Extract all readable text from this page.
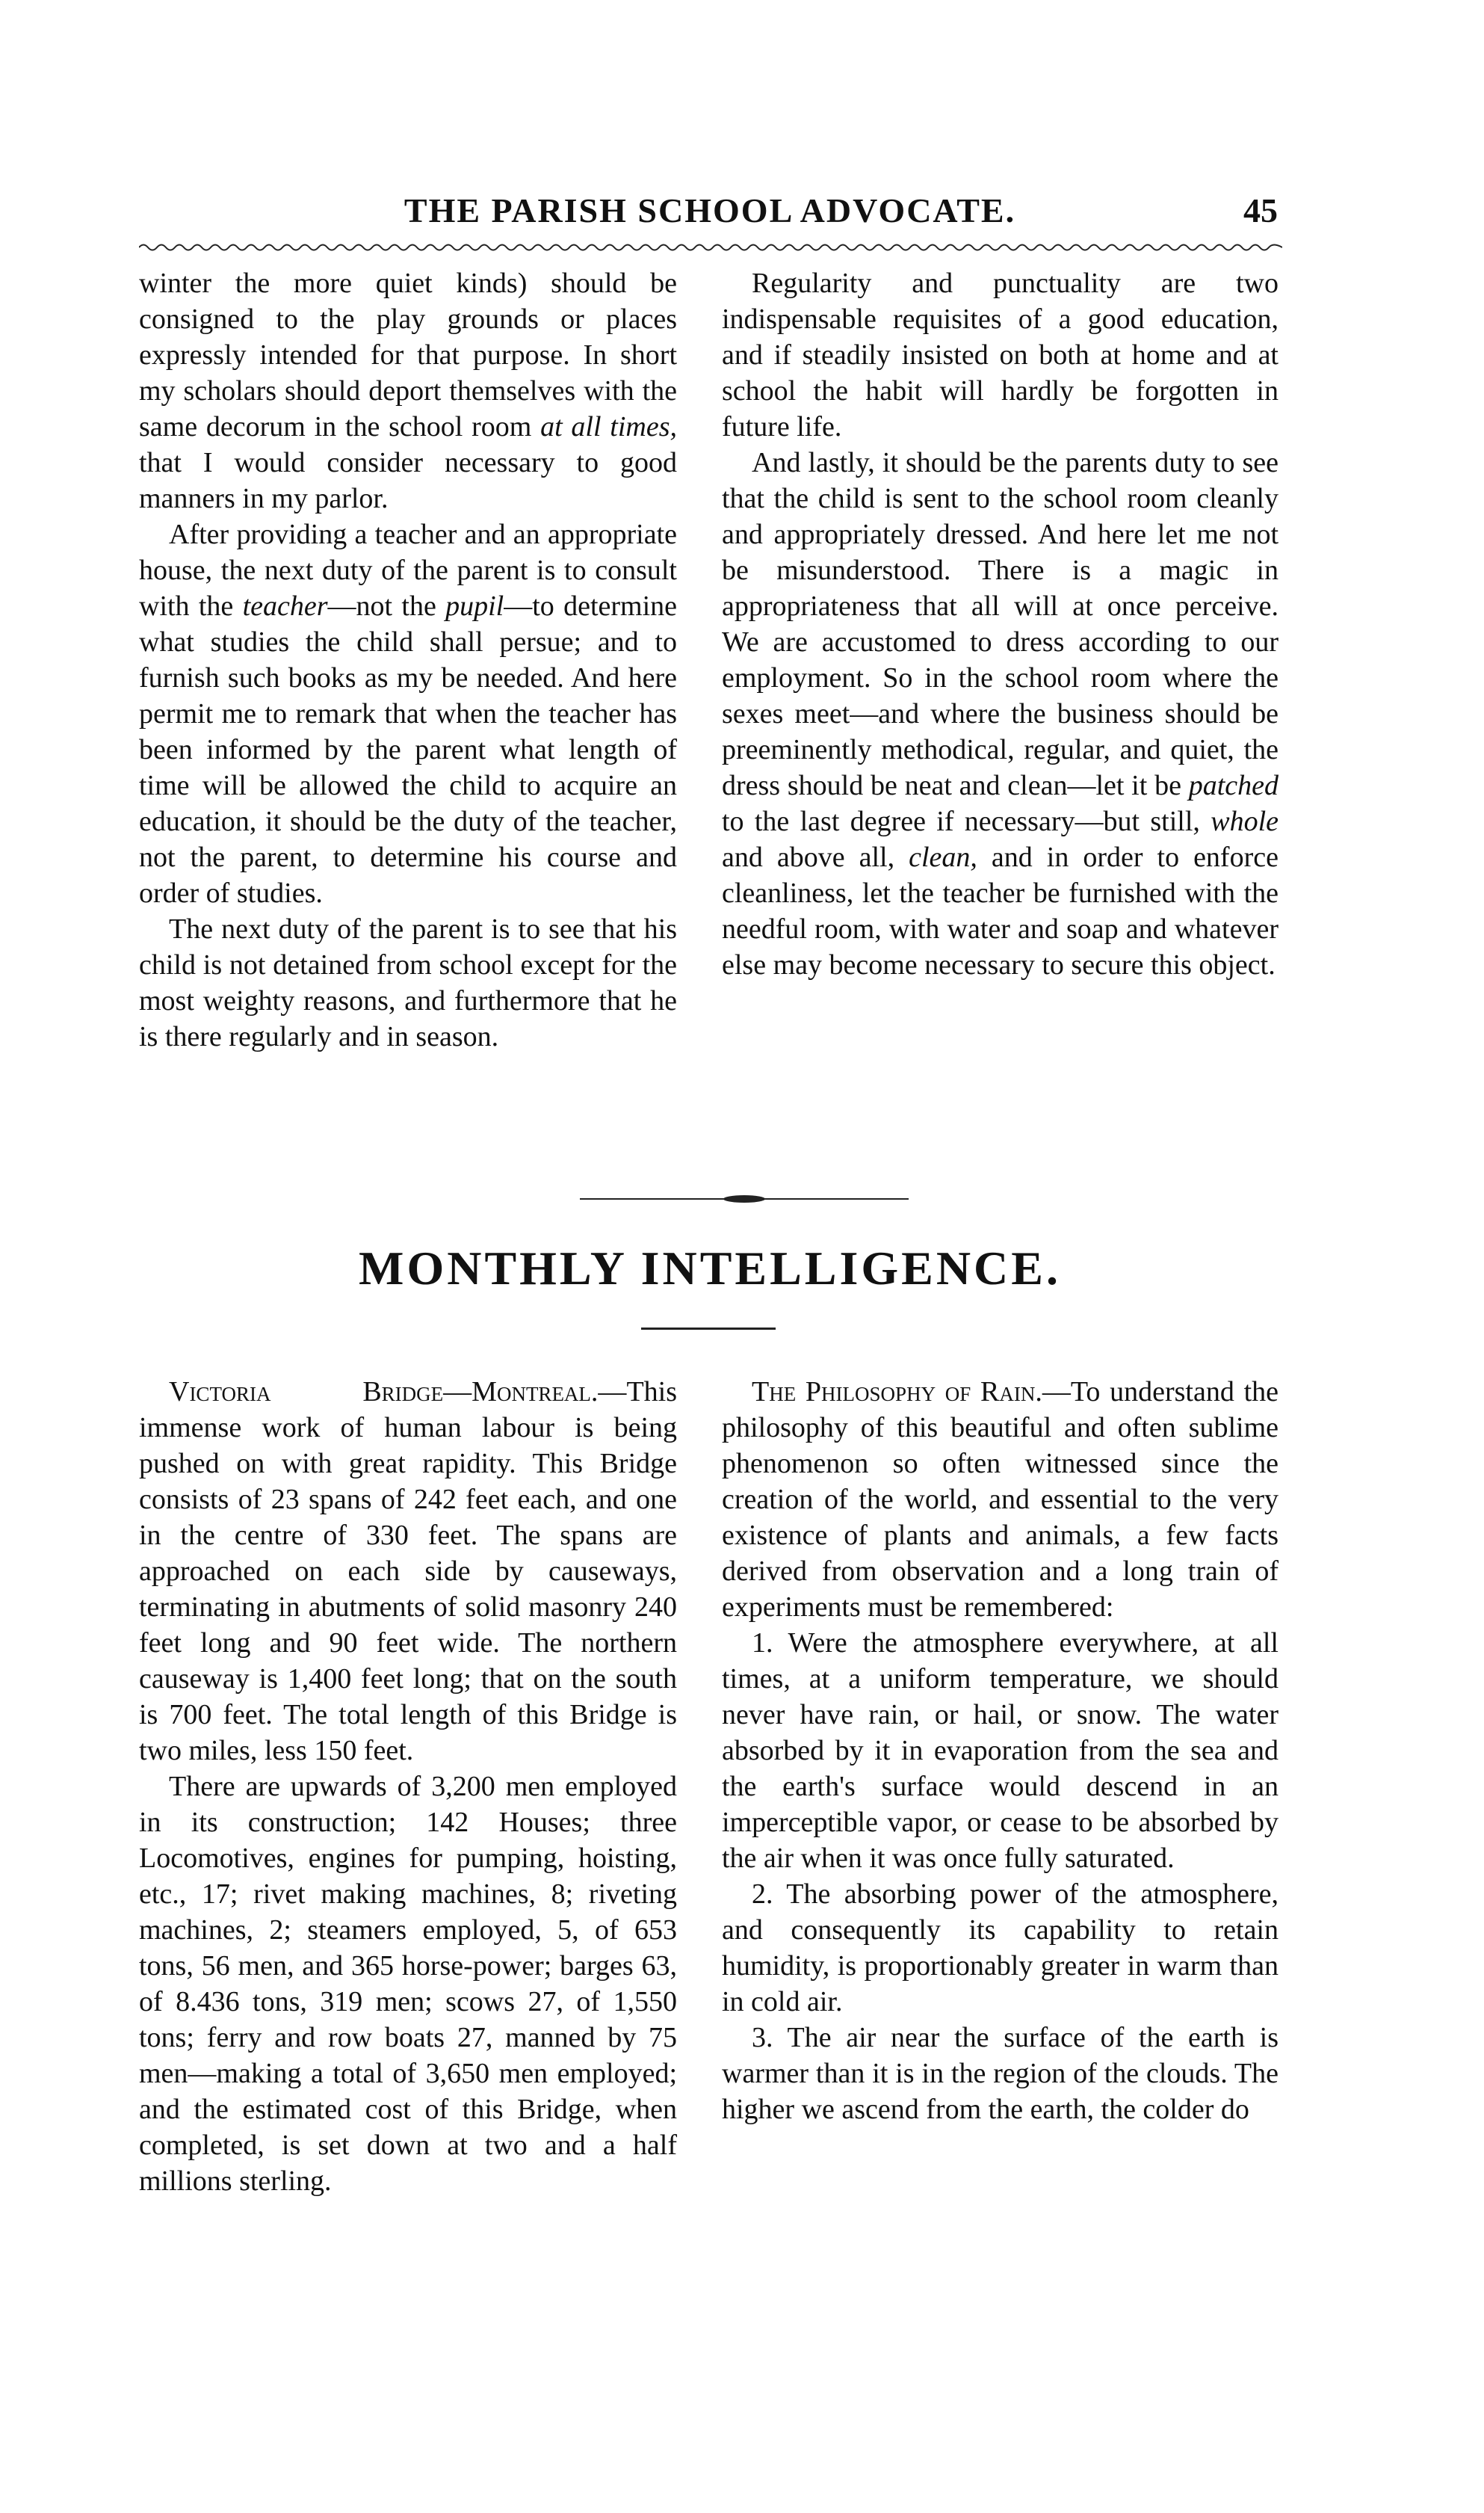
THE PARISH SCHOOL ADVOCATE.	45

winter the more quiet kinds) should be consigned to the play grounds or places expressly intended for that purpose. In short my scholars should deport themselves with the same decorum in the school room at all times, that I would consider necessary to good manners in my parlor.

After providing a teacher and an appropriate house, the next duty of the parent is to consult with the teacher—not the pupil—to determine what studies the child shall persue; and to furnish such books as my be needed. And here permit me to remark that when the teacher has been informed by the parent what length of time will be allowed the child to acquire an education, it should be the duty of the teacher, not the parent, to determine his course and order of studies.

The next duty of the parent is to see that his child is not detained from school except for the most weighty reasons, and furthermore that he is there regularly and in season.

Regularity and punctuality are two indispensable requisites of a good education, and if steadily insisted on both at home and at school the habit will hardly be forgotten in future life.

And lastly, it should be the parents duty to see that the child is sent to the school room cleanly and appropriately dressed. And here let me not be misunderstood. There is a magic in appropriateness that all will at once perceive. We are accustomed to dress according to our employment. So in the school room where the sexes meet—and where the business should be preeminently methodical, regular, and quiet, the dress should be neat and clean—let it be patched to the last degree if necessary—but still, whole and above all, clean, and in order to enforce cleanliness, let the teacher be furnished with the needful room, with water and soap and whatever else may become necessary to secure this object.

MONTHLY INTELLIGENCE.

Victoria Bridge—Montreal.—This immense work of human labour is being pushed on with great rapidity. This Bridge consists of 23 spans of 242 feet each, and one in the centre of 330 feet. The spans are approached on each side by causeways, terminating in abutments of solid masonry 240 feet long and 90 feet wide. The northern causeway is 1,400 feet long; that on the south is 700 feet. The total length of this Bridge is two miles, less 150 feet.

There are upwards of 3,200 men employed in its construction; 142 Houses; three Locomotives, engines for pumping, hoisting, etc., 17; rivet making machines, 8; riveting machines, 2; steamers employed, 5, of 653 tons, 56 men, and 365 horse-power; barges 63, of 8.436 tons, 319 men; scows 27, of 1,550 tons; ferry and row boats 27, manned by 75 men—making a total of 3,650 men employed; and the estimated cost of this Bridge, when completed, is set down at two and a half millions sterling.

The Philosophy of Rain.—To understand the philosophy of this beautiful and often sublime phenomenon so often witnessed since the creation of the world, and essential to the very existence of plants and animals, a few facts derived from observation and a long train of experiments must be remembered:

1. Were the atmosphere everywhere, at all times, at a uniform temperature, we should never have rain, or hail, or snow. The water absorbed by it in evaporation from the sea and the earth's surface would descend in an imperceptible vapor, or cease to be absorbed by the air when it was once fully saturated.

2. The absorbing power of the atmosphere, and consequently its capability to retain humidity, is proportionably greater in warm than in cold air.

3. The air near the surface of the earth is warmer than it is in the region of the clouds. The higher we ascend from the earth, the colder do
